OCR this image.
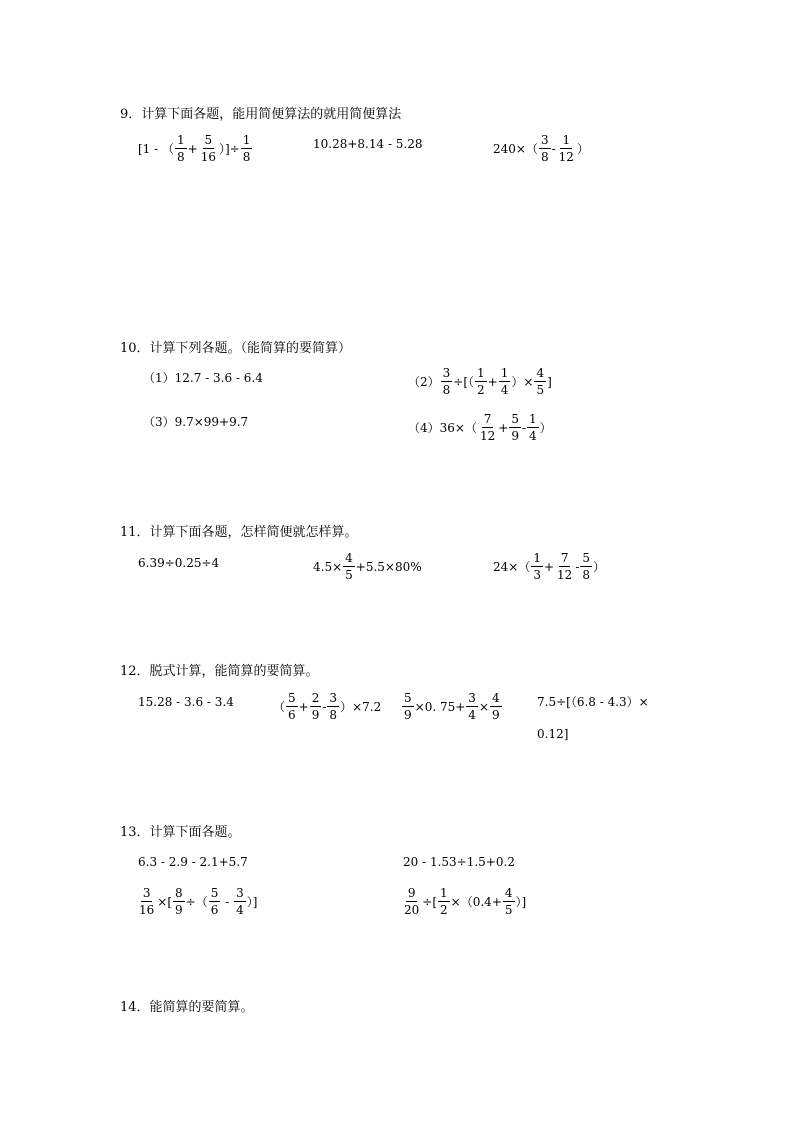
9．计算下面各题，能用简便算法的就用简便算法
[1 - （ $\frac{1}{8} + \frac{5}{16}$ ）]÷ $\frac{1}{8}$	10.28+8.14 - 5.28	$240\times( \frac{3}{8} - \frac{1}{12}$ ）
10．计算下列各题。（能简算的要简算）
（1）12.7 - 3.6 - 6.4	$(2) \frac{3}{8}$ ÷[（ $\frac{1}{2} + \frac{1}{4}$ ）× $\frac{4}{5}$ ]
（3）9.7×99+9.7	$(4)36\times( \frac{7}{12} + \frac{5}{9} - \frac{1}{4}$ ）
11．计算下面各题，怎样简便就怎样算。
6.39÷0.25÷4	$4.5\times \frac{4}{5} +5.5\times 80\%$	$24\times( \frac{1}{3} + \frac{7}{12} - \frac{5}{8}$ ）
12．脱式计算，能简算的要简算。
15.28 - 3.6 - 3.4	（ $\frac{5}{6} + \frac{2}{9} - \frac{3}{8} )\times 7.2 \frac{5}{9} \times 0$. $75+ \frac{3}{4} \times \frac{4}{9}$	7.5÷[（6.8 - 4.3）×
0.12]
13．计算下面各题。
6.3 - 2.9 - 2.1+5.7	20 - 1.53÷1.5+0.2
$\frac{3}{16}$ ×[ $\frac{8}{9}$ ÷（ $\frac{5}{6} - \frac{3}{4}$ ）]	$\frac{9}{20}$ ÷[ $\frac{1}{2} \times(0.4+ \frac{4}{5}$ ）]
14．能简算的要简算。
